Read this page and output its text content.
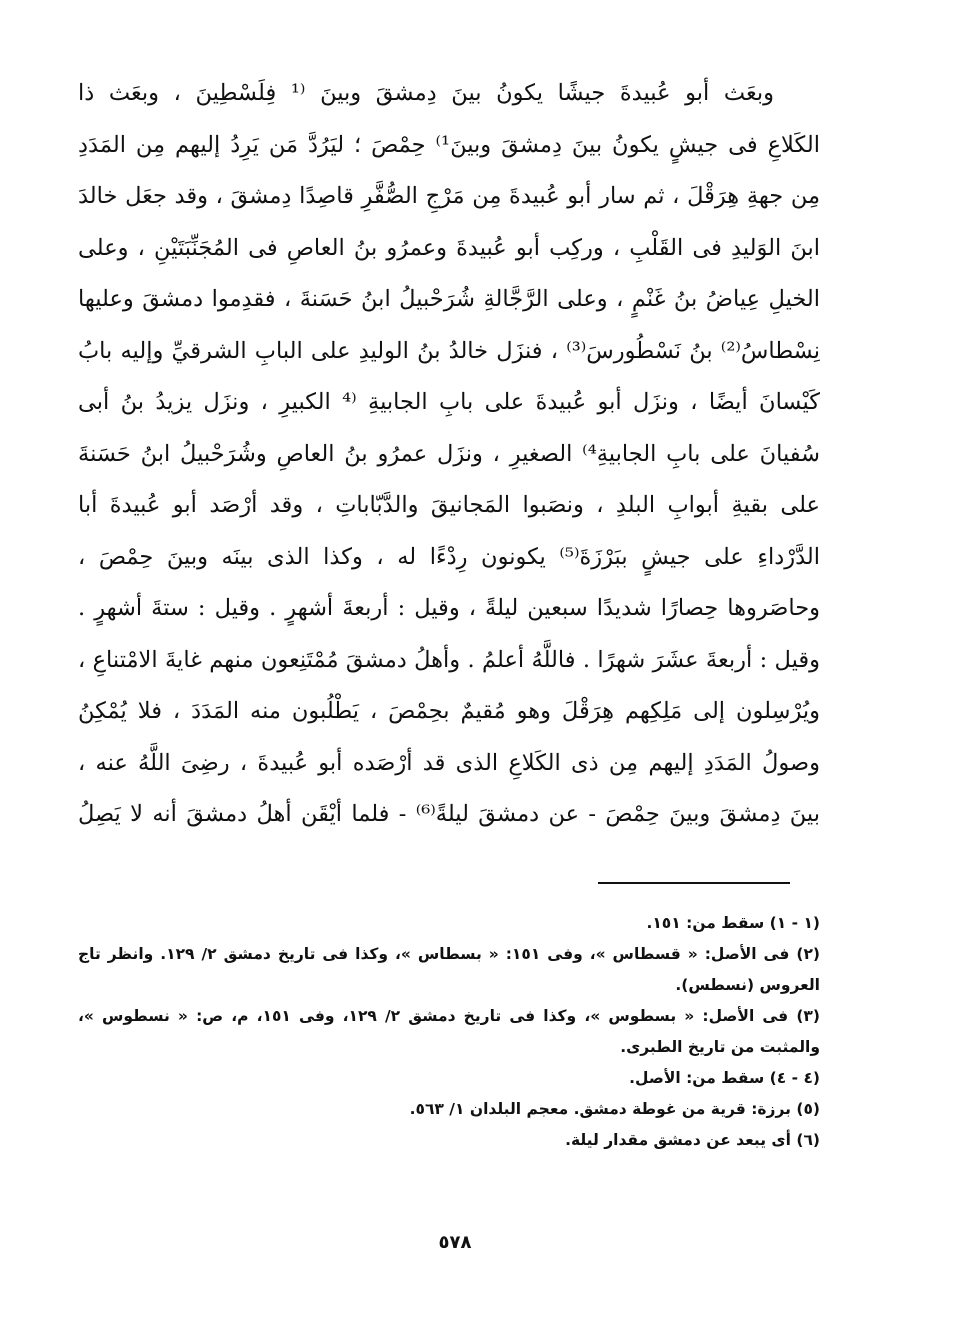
وبعَث أبو عُبيدةَ جيشًا يكونُ بينَ دِمشقَ وبينَ ⁽¹ فِلَسْطِينَ ، وبعَث ذا
الكَلاعِ فى جيشٍ يكونُ بينَ دِمشقَ وبينَ¹⁾ حِمْصَ ؛ ليَرُدَّ مَن يَرِدُ إليهم مِن المَدَدِ
مِن جهةِ هِرَقْلَ ، ثم سار أبو عُبيدةَ مِن مَرْجِ الصُّفَّرِ قاصِدًا دِمشقَ ، وقد جعَل خالدَ
ابنَ الوَليدِ فى القَلْبِ ، وركِب أبو عُبيدةَ وعمرُو بنُ العاصِ فى المُجَنِّبَتَيْنِ ، وعلى
الخيلِ عِياضُ بنُ غَنْمٍ ، وعلى الرَّجَّالةِ شُرَحْبيلُ ابنُ حَسَنةَ ، فقدِموا دمشقَ وعليها
نِسْطاسُ⁽²⁾ بنُ نَسْطُورسَ⁽³⁾ ، فنزَل خالدُ بنُ الوليدِ على البابِ الشرقيِّ وإليه بابُ
كَيْسانَ أيضًا ، ونزَل أبو عُبيدةَ على بابِ الجابيةِ ⁽⁴ الكبيرِ ، ونزَل يزيدُ بنُ أبى
سُفيانَ على بابِ الجابيةِ⁴⁾ الصغيرِ ، ونزَل عمرُو بنُ العاصِ وشُرَحْبيلُ ابنُ حَسَنةَ
على بقيةِ أبوابِ البلدِ ، ونصَبوا المَجانيقَ والدَّبّاباتِ ، وقد أرْصَد أبو عُبيدةَ أبا
الدَّرْداءِ على جيشٍ ببَرْزَةَ⁽⁵⁾ يكونون رِدْءًا له ، وكذا الذى بينَه وبينَ حِمْصَ ،
وحاصَروها حِصارًا شديدًا سبعين ليلةً ، وقيل : أربعةَ أشهرٍ . وقيل : ستةَ أشهرٍ .
وقيل : أربعةَ عشَرَ شهرًا . فاللَّهُ أعلمُ . وأهلُ دمشقَ مُمْتَنِعون منهم غايةَ الامْتناعِ ،
ويُرْسِلون إلى مَلِكِهم هِرَقْلَ وهو مُقيمٌ بحِمْصَ ، يَطْلُبون منه المَدَدَ ، فلا يُمْكِنُ
وصولُ المَدَدِ إليهم مِن ذى الكَلاعِ الذى قد أرْصَده أبو عُبيدةَ ، رضِىَ اللَّهُ عنه ،
بينَ دِمشقَ وبينَ حِمْصَ - عن دمشقَ ليلةً⁽⁶⁾ - فلما أيْقَن أهلُ دمشقَ أنه لا يَصِلُ
(١ - ١) سقط من: ١٥١.
(٢) فى الأصل: « قسطاس »، وفى ١٥١: « بسطاس »، وكذا فى تاريخ دمشق ٢/ ١٢٩. وانظر تاج
العروس (نسطس).
(٣) فى الأصل: « بسطوس »، وكذا فى تاريخ دمشق ٢/ ١٢٩، وفى ١٥١، م، ص: « نسطوس »،
والمثبت من تاريخ الطبرى.
(٤ - ٤) سقط من: الأصل.
(٥) برزة: قرية من غوطة دمشق. معجم البلدان ١/ ٥٦٣.
(٦) أى يبعد عن دمشق مقدار ليلة.
٥٧٨
